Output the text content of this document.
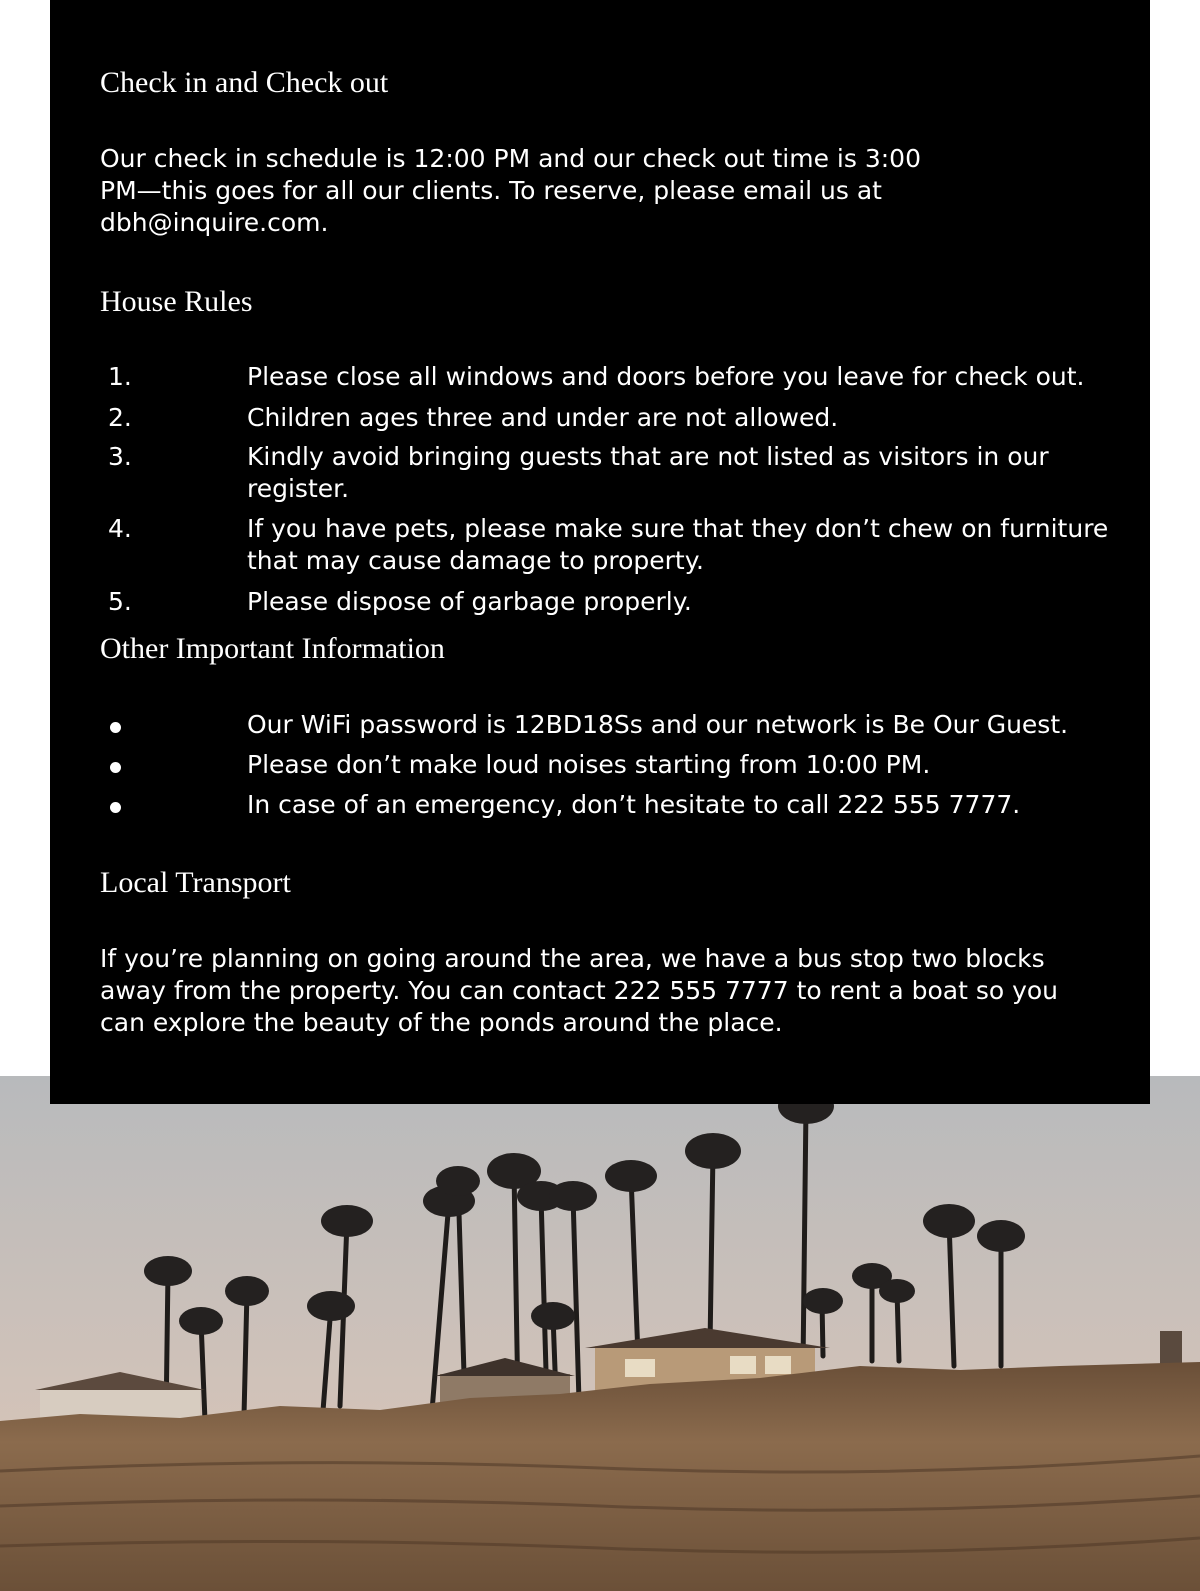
Check in and Check out

Our check in schedule is 12:00 PM and our check out time is 3:00 PM—this goes for all our clients. To reserve, please email us at dbh@inquire.com.

House Rules
1.	Please close all windows and doors before you leave for check out.
2.	Children ages three and under are not allowed.
3.	Kindly avoid bringing guests that are not listed as visitors in our register.
4.	If you have pets, please make sure that they don’t chew on furniture that may cause damage to property.
5.	Please dispose of garbage properly.
Other Important Information
Our WiFi password is 12BD18Ss and our network is Be Our Guest.
Please don’t make loud noises starting from 10:00 PM.
In case of an emergency, don’t hesitate to call 222 555 7777.
Local Transport

If you’re planning on going around the area, we have a bus stop two blocks away from the property. You can contact 222 555 7777 to rent a boat so you can explore the beauty of the ponds around the place.
